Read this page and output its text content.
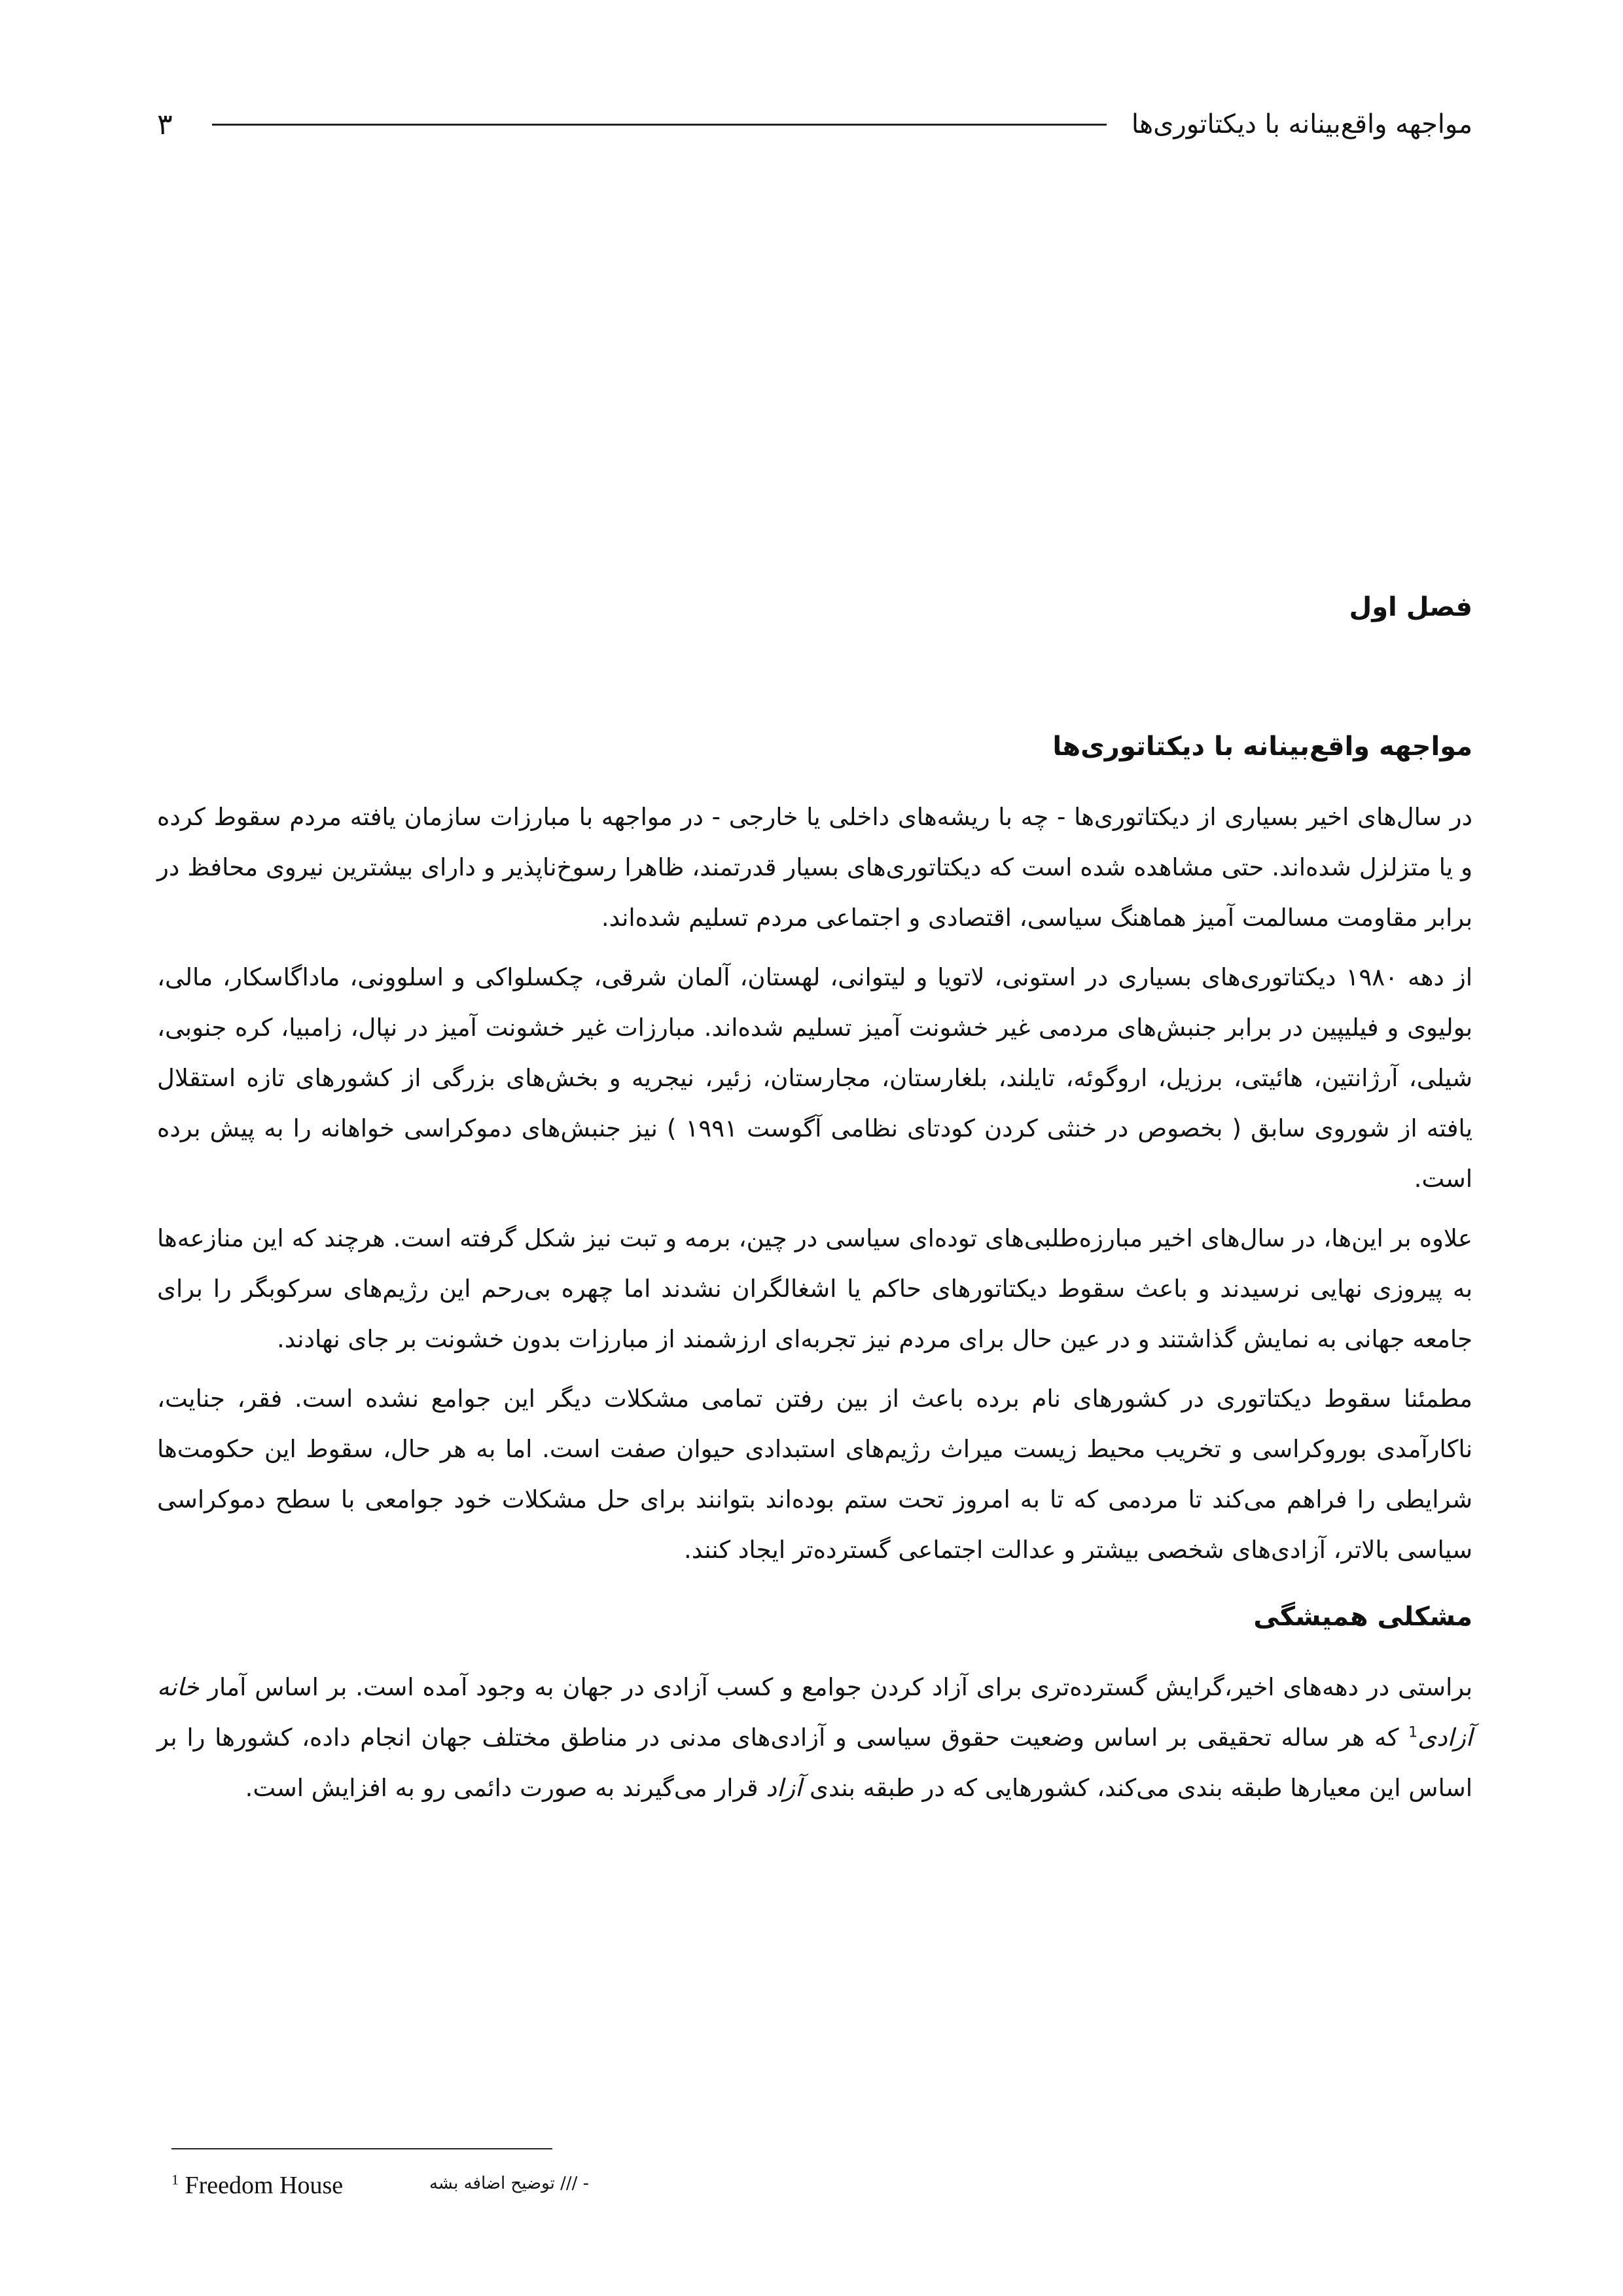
مواجهه واقع‌بینانه با دیکتاتوری‌ها
۳
فصل اول
مواجهه واقع‌بینانه با دیکتاتوری‌ها

در سال‌های اخیر بسیاری از دیکتاتوری‌ها - چه با ریشه‌های داخلی یا خارجی - در مواجهه با مبارزات سازمان یافته مردم سقوط کرده و یا متزلزل شده‌اند. حتی مشاهده شده است که دیکتاتوری‌های بسیار قدرتمند، ظاهرا رسوخ‌ناپذیر و دارای بیشترین نیروی محافظ در برابر مقاومت مسالمت آمیز هماهنگ سیاسی، اقتصادی و اجتماعی مردم تسلیم شده‌اند.

از دهه ۱۹۸۰ دیکتاتوری‌های بسیاری در استونی، لاتویا و لیتوانی، لهستان، آلمان شرقی، چکسلواکی و اسلوونی، ماداگاسکار، مالی، بولیوی و فیلیپین در برابر جنبش‌های مردمی غیر خشونت آمیز تسلیم شده‌اند. مبارزات غیر خشونت آمیز در نپال، زامبیا، کره جنوبی، شیلی، آرژانتین، هائیتی، برزیل، اروگوئه، تایلند، بلغارستان، مجارستان، زئیر، نیجریه و بخش‌های بزرگی از کشورهای تازه استقلال یافته از شوروی سابق ( بخصوص در خنثی کردن کودتای نظامی آگوست ۱۹۹۱ ) نیز جنبش‌های دموکراسی خواهانه را به پیش برده است.

علاوه بر این‌ها، در سال‌های اخیر مبارزه‌طلبی‌های توده‌ای سیاسی در چین، برمه و تبت نیز شکل گرفته است. هرچند که این منازعه‌ها به پیروزی نهایی نرسیدند و باعث سقوط دیکتاتورهای حاکم یا اشغالگران نشدند اما چهره بی‌رحم این رژیم‌های سرکوبگر را برای جامعه جهانی به نمایش گذاشتند و در عین حال برای مردم نیز تجربه‌ای ارزشمند از مبارزات بدون خشونت بر جای نهادند.

مطمئنا سقوط دیکتاتوری در کشورهای نام برده باعث از بین رفتن تمامی مشکلات دیگر این جوامع نشده است. فقر، جنایت، ناکارآمدی بوروکراسی و تخریب محیط زیست میراث رژیم‌های استبدادی حیوان صفت است. اما به هر حال، سقوط این حکومت‌ها شرایطی را فراهم می‌کند تا مردمی که تا به امروز تحت ستم بوده‌اند بتوانند برای حل مشکلات خود جوامعی با سطح دموکراسی سیاسی بالاتر، آزادی‌های شخصی بیشتر و عدالت اجتماعی گسترده‌تر ایجاد کنند.

مشکلی همیشگی

براستی در دهه‌های اخیر،گرایش گسترده‌تری برای آزاد کردن جوامع و کسب آزادی در جهان به وجود آمده است. بر اساس آمار خانه آزادی$^1$ که هر ساله تحقیقی بر اساس وضعیت حقوق سیاسی و آزادی‌های مدنی در مناطق مختلف جهان انجام داده، کشورها را بر اساس این معیارها طبقه بندی می‌کند، کشورهایی که در طبقه بندی آزاد قرار می‌گیرند به صورت دائمی رو به افزایش است.

$^1$ Freedom House	- /// توضیح اضافه بشه
